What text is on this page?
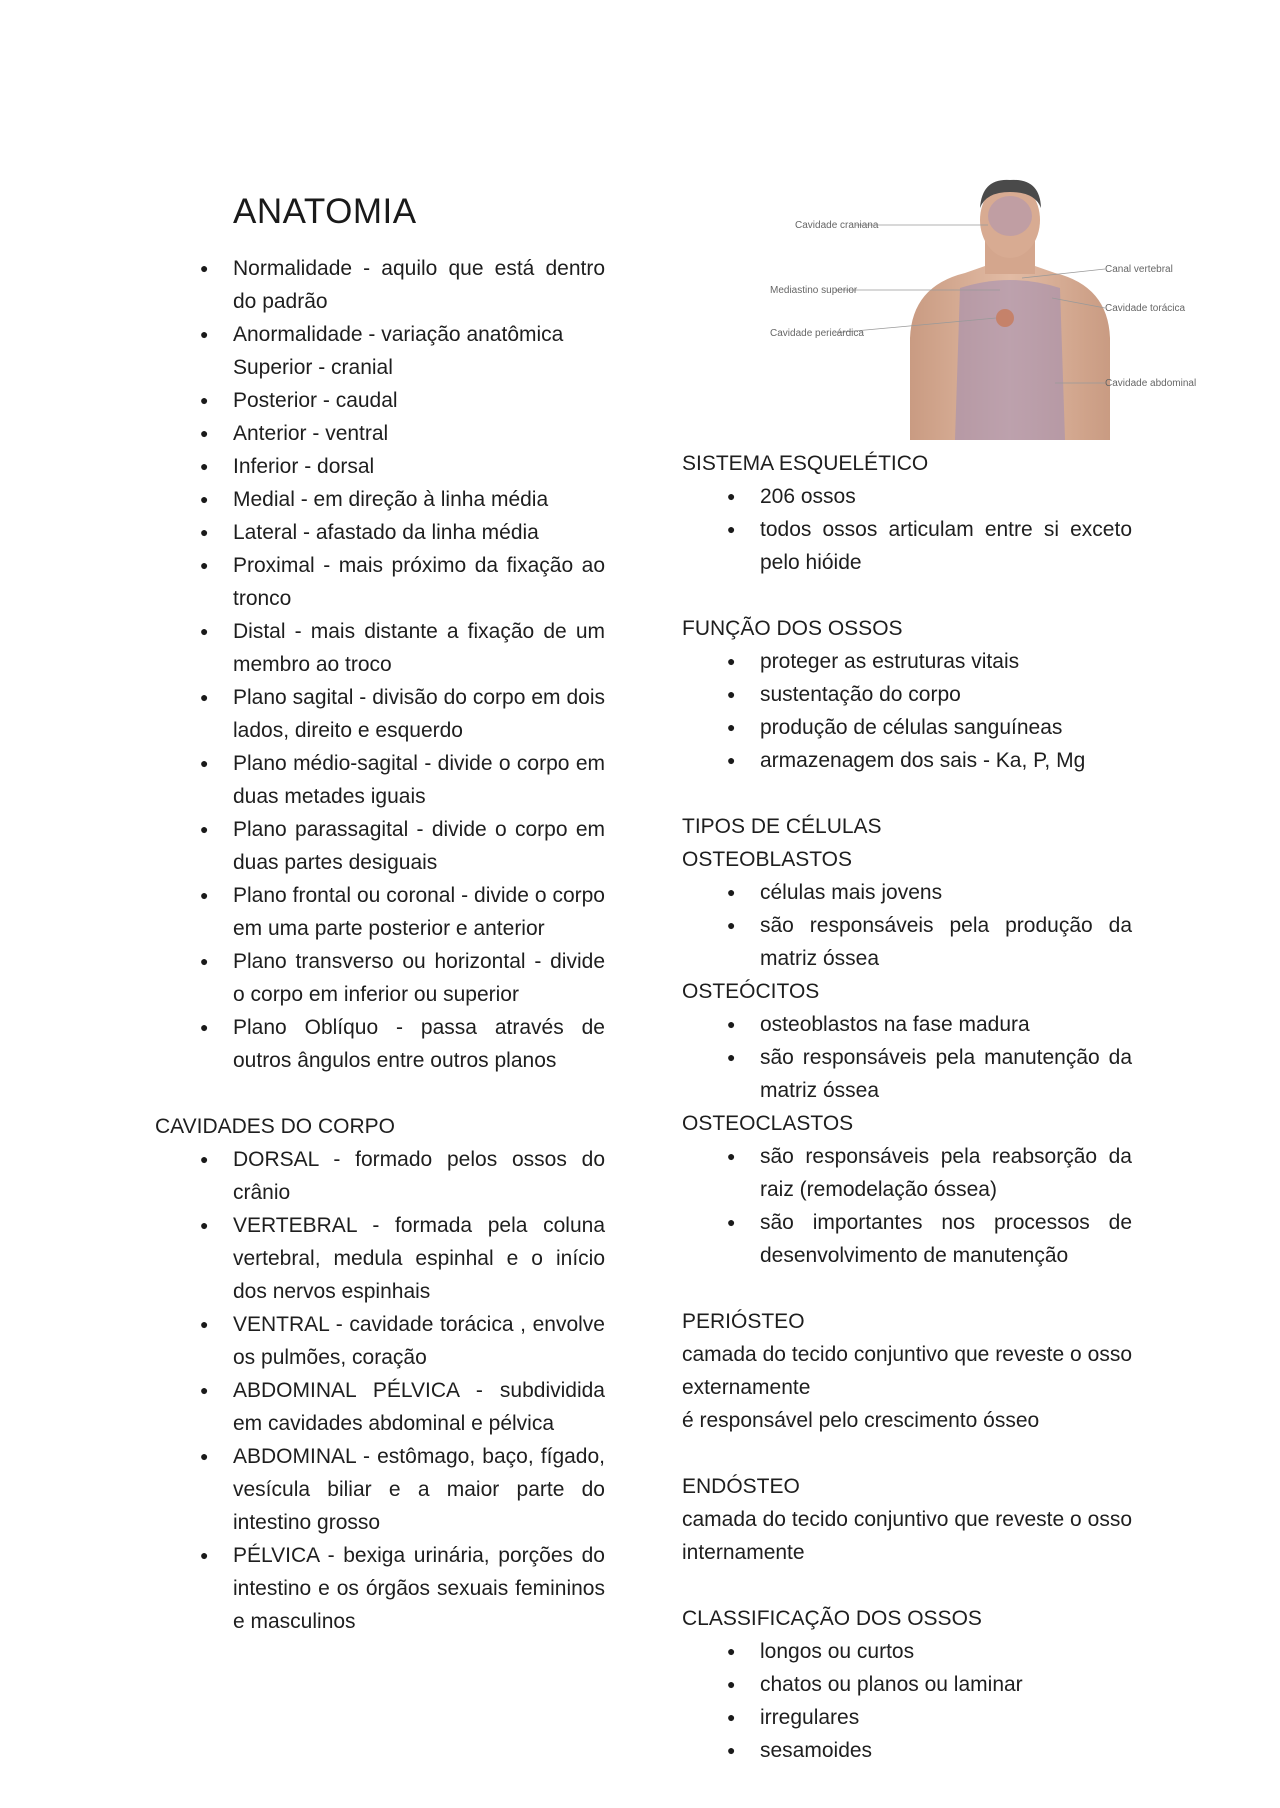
ANATOMIA
● Normalidade - aquilo que está dentro do padrão
● Anormalidade - variação anatômica
Superior - cranial
● Posterior - caudal
● Anterior - ventral
● Inferior - dorsal
● Medial - em direção à linha média
● Lateral - afastado da linha média
● Proximal - mais próximo da fixação ao tronco
● Distal - mais distante a fixação de um membro ao troco
● Plano sagital - divisão do corpo em dois lados, direito e esquerdo
● Plano médio-sagital - divide o corpo em duas metades iguais
● Plano parassagital - divide o corpo em duas partes desiguais
● Plano frontal ou coronal - divide o corpo em uma parte posterior e anterior
● Plano transverso ou horizontal - divide o corpo em inferior ou superior
● Plano Oblíquo - passa através de outros ângulos entre outros planos
CAVIDADES DO CORPO
● DORSAL - formado pelos ossos do crânio
● VERTEBRAL - formada pela coluna vertebral, medula espinhal e o início dos nervos espinhais
● VENTRAL - cavidade torácica , envolve os pulmões, coração
● ABDOMINAL PÉLVICA - subdividida em cavidades abdominal e pélvica
● ABDOMINAL - estômago, baço, fígado, vesícula biliar e a maior parte do intestino grosso
● PÉLVICA - bexiga urinária, porções do intestino e os órgãos sexuais femininos e masculinos
Cavidade craniana
Mediastino superior
Cavidade pericárdica
Canal vertebral
Cavidade torácica
Cavidade abdominal
SISTEMA ESQUELÉTICO
● 206 ossos
● todos ossos articulam entre si exceto pelo hióide
FUNÇÃO DOS OSSOS
● proteger as estruturas vitais
● sustentação do corpo
● produção de células sanguíneas
● armazenagem dos sais - Ka, P, Mg
TIPOS DE CÉLULAS
OSTEOBLASTOS
● células mais jovens
● são responsáveis pela produção da matriz óssea
OSTEÓCITOS
● osteoblastos na fase madura
● são responsáveis pela manutenção da matriz óssea
OSTEOCLASTOS
● são responsáveis pela reabsorção da raiz (remodelação óssea)
● são importantes nos processos de desenvolvimento de manutenção
PERIÓSTEO
camada do tecido conjuntivo que reveste o osso externamente
é responsável pelo crescimento ósseo
ENDÓSTEO
camada do tecido conjuntivo que reveste o osso internamente
CLASSIFICAÇÃO DOS OSSOS
● longos ou curtos
● chatos ou planos ou laminar
● irregulares
● sesamoides
